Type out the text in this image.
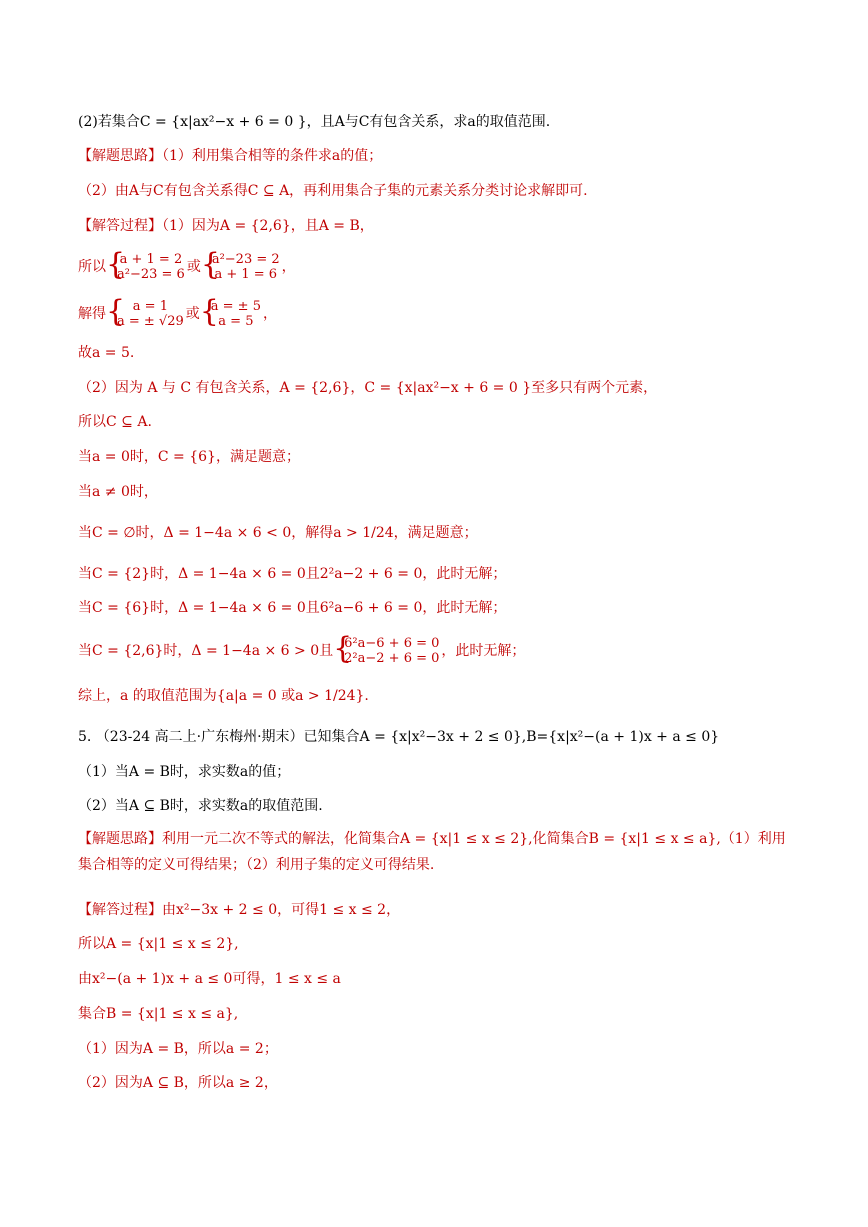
(2)若集合C = {x|ax²−x + 6 = 0 }，且A与C有包含关系，求a的取值范围.
【解题思路】（1）利用集合相等的条件求a的值；
（2）由A与C有包含关系得C ⊆ A，再利用集合子集的元素关系分类讨论求解即可.
【解答过程】（1）因为A = {2,6}，且A = B，
所以 { a + 1 = 2
a²−23 = 6 或 { a²−23 = 2
a + 1 = 6 ，
解得	{ a = 1
a = ± √29 或 { a = ± 5
a = 5 ，
故a = 5.
（2）因为 A 与 C 有包含关系，A = {2,6}，C = {x|ax²−x + 6 = 0 }至多只有两个元素，
所以C ⊆ A.
当a = 0时，C = {6}，满足题意；
当a ≠ 0时，
当C = ∅时，Δ = 1−4a × 6 < 0，解得a > 1/24，满足题意；
当C = {2}时，Δ = 1−4a × 6 = 0且2²a−2 + 6 = 0，此时无解；
当C = {6}时，Δ = 1−4a × 6 = 0且6²a−6 + 6 = 0，此时无解；
当C = {2,6}时，Δ = 1−4a × 6 > 0且 { 6²a−6 + 6 = 0
2²a−2 + 6 = 0 ，此时无解；
综上，a 的取值范围为{a|a = 0 或a > 1/24}.
5. （23-24 高二上·广东梅州·期末）已知集合A = {x|x²−3x + 2 ≤ 0},B={x|x²−(a + 1)x + a ≤ 0}
（1）当A = B时，求实数a的值；
（2）当A ⊆ B时，求实数a的取值范围.
【解题思路】利用一元二次不等式的解法，化简集合A = {x|1 ≤ x ≤ 2},化简集合B = {x|1 ≤ x ≤ a},（1）利用集合相等的定义可得结果；（2）利用子集的定义可得结果.
【解答过程】由x²−3x + 2 ≤ 0，可得1 ≤ x ≤ 2，
所以A = {x|1 ≤ x ≤ 2},
由x²−(a + 1)x + a ≤ 0可得，1 ≤ x ≤ a
集合B = {x|1 ≤ x ≤ a},
（1）因为A = B，所以a = 2；
（2）因为A ⊆ B，所以a ≥ 2，
